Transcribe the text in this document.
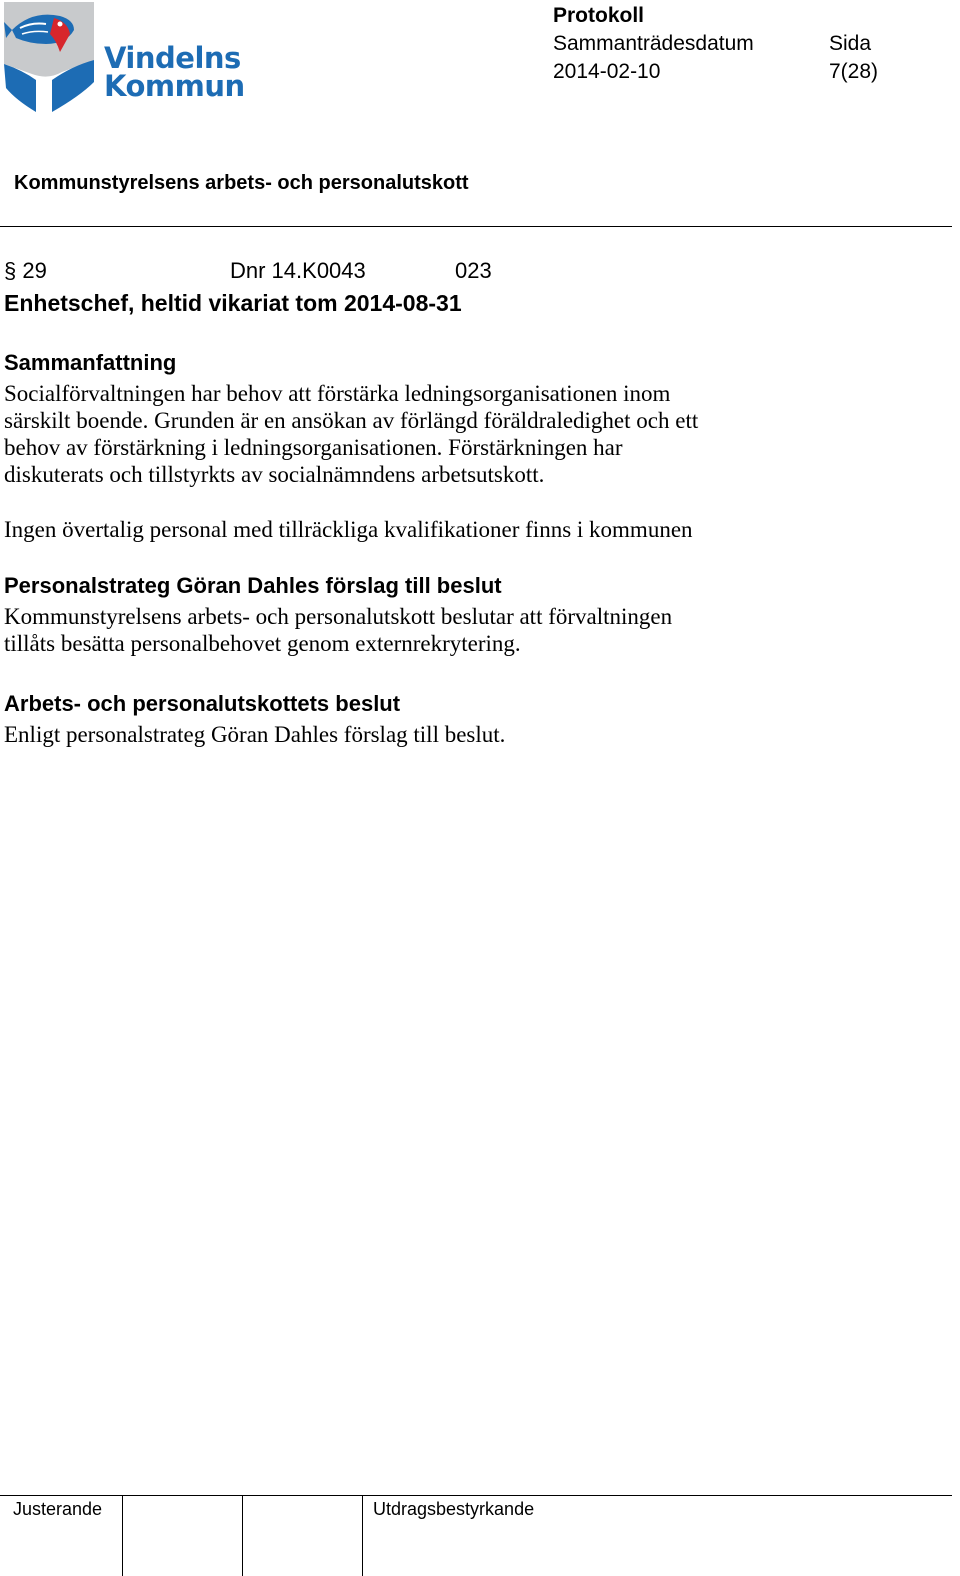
Vindelns
Kommun
Protokoll
Sammanträdesdatum	Sida
2014-02-10	7(28)
Kommunstyrelsens arbets- och personalutskott
§ 29	Dnr 14.K0043	023
Enhetschef, heltid vikariat tom 2014-08-31
Sammanfattning
Socialförvaltningen har behov att förstärka ledningsorganisationen inom
särskilt boende. Grunden är en ansökan av förlängd föräldraledighet och ett
behov av förstärkning i ledningsorganisationen. Förstärkningen har
diskuterats och tillstyrkts av socialnämndens arbetsutskott.
Ingen övertalig personal med tillräckliga kvalifikationer finns i kommunen
Personalstrateg Göran Dahles förslag till beslut
Kommunstyrelsens arbets- och personalutskott beslutar att förvaltningen
tillåts besätta personalbehovet genom externrekrytering.
Arbets- och personalutskottets beslut
Enligt personalstrateg Göran Dahles förslag till beslut.
Justerande	Utdragsbestyrkande
